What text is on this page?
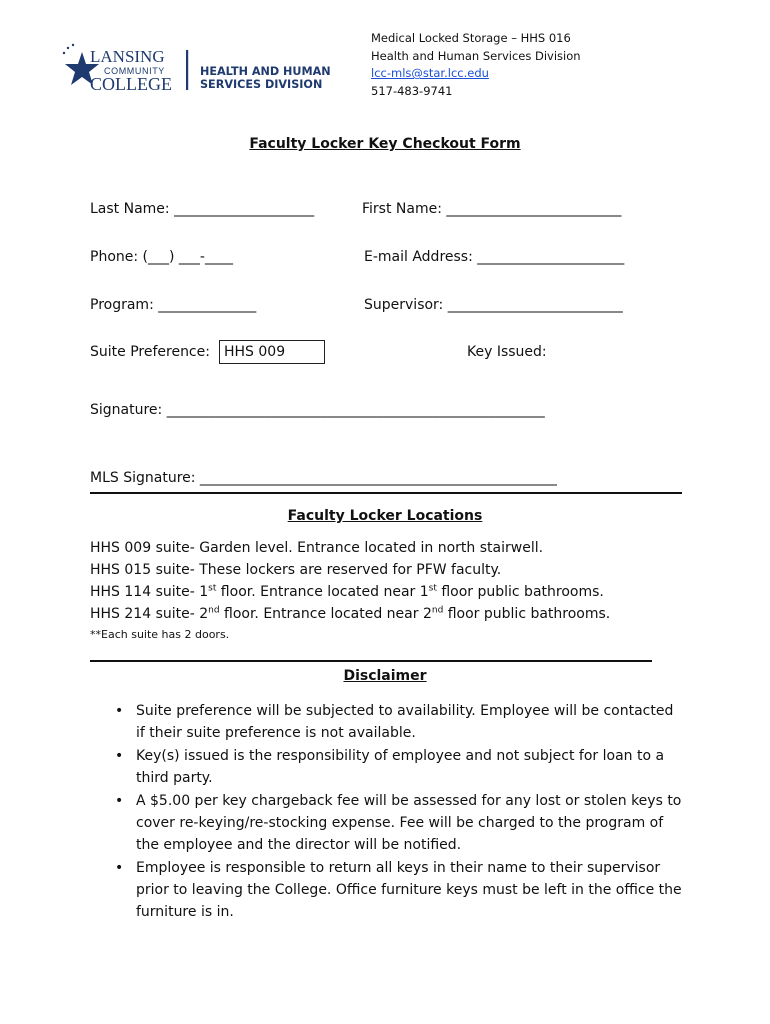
LANSING
COMMUNITY
COLLEGE
HEALTH AND HUMAN
SERVICES DIVISION
Medical Locked Storage – HHS 016
Health and Human Services Division
lcc-mls@star.lcc.edu
517-483-9741
Faculty Locker Key Checkout Form
Last Name: ____________________	First Name: _________________________
Phone: (___) ___-____	E-mail Address: _____________________
Program: ______________	Supervisor: _________________________
Suite Preference:	HHS 009	Key Issued:
Signature: ______________________________________________________
MLS Signature: ___________________________________________________
Faculty Locker Locations
HHS 009 suite- Garden level. Entrance located in north stairwell.
HHS 015 suite- These lockers are reserved for PFW faculty.
HHS 114 suite- 1st floor. Entrance located near 1st floor public bathrooms.
HHS 214 suite- 2nd floor. Entrance located near 2nd floor public bathrooms.
**Each suite has 2 doors.
Disclaimer
• Suite preference will be subjected to availability. Employee will be contacted if their suite preference is not available.
• Key(s) issued is the responsibility of employee and not subject for loan to a third party.
• A $5.00 per key chargeback fee will be assessed for any lost or stolen keys to cover re-keying/re-stocking expense. Fee will be charged to the program of the employee and the director will be notified.
• Employee is responsible to return all keys in their name to their supervisor prior to leaving the College. Office furniture keys must be left in the office the furniture is in.
